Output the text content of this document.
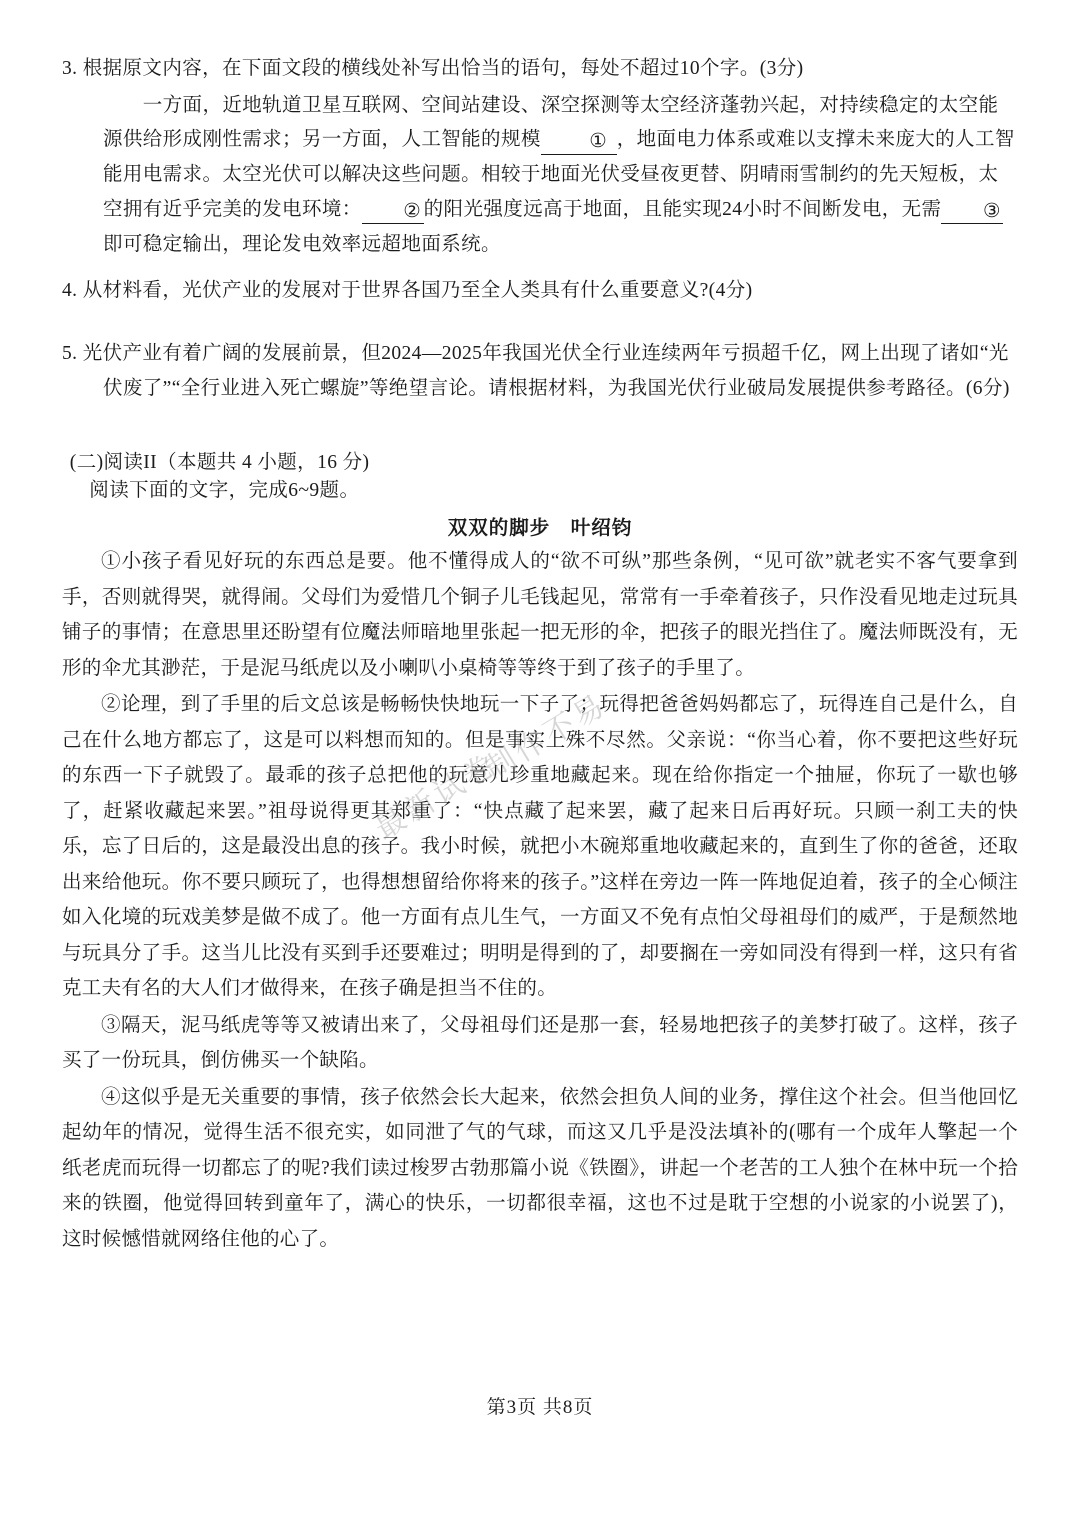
3. 根据原文内容，在下面文段的横线处补写出恰当的语句，每处不超过10个字。(3分)
　　一方面，近地轨道卫星互联网、空间站建设、深空探测等太空经济蓬勃兴起，对持续稳定的太空能源供给形成刚性需求；另一方面，人工智能的规模 ① ，地面电力体系或难以支撑未来庞大的人工智能用电需求。太空光伏可以解决这些问题。相较于地面光伏受昼夜更替、阴晴雨雪制约的先天短板，太空拥有近乎完美的发电环境： ② 的阳光强度远高于地面，且能实现24小时不间断发电，无需 ③即可稳定输出，理论发电效率远超地面系统。
4. 从材料看，光伏产业的发展对于世界各国乃至全人类具有什么重要意义?(4分)
5. 光伏产业有着广阔的发展前景，但2024—2025年我国光伏全行业连续两年亏损超千亿，网上出现了诸如“光伏废了”“全行业进入死亡螺旋”等绝望言论。请根据材料，为我国光伏行业破局发展提供参考路径。(6分)
(二)阅读II（本题共 4 小题，16 分)
阅读下面的文字，完成6~9题。
双双的脚步　叶绍钧

①小孩子看见好玩的东西总是要。他不懂得成人的“欲不可纵”那些条例，“见可欲”就老实不客气要拿到手，否则就得哭，就得闹。父母们为爱惜几个铜子儿毛钱起见，常常有一手牵着孩子，只作没看见地走过玩具铺子的事情；在意思里还盼望有位魔法师暗地里张起一把无形的伞，把孩子的眼光挡住了。魔法师既没有，无形的伞尤其渺茫，于是泥马纸虎以及小喇叭小桌椅等等终于到了孩子的手里了。

②论理，到了手里的后文总该是畅畅快快地玩一下子了；玩得把爸爸妈妈都忘了，玩得连自己是什么，自己在什么地方都忘了，这是可以料想而知的。但是事实上殊不尽然。父亲说：“你当心着，你不要把这些好玩的东西一下子就毁了。最乖的孩子总把他的玩意儿珍重地藏起来。现在给你指定一个抽屉，你玩了一歇也够了，赶紧收藏起来罢。”祖母说得更其郑重了：“快点藏了起来罢，藏了起来日后再好玩。只顾一刹工夫的快乐，忘了日后的，这是最没出息的孩子。我小时候，就把小木碗郑重地收藏起来的，直到生了你的爸爸，还取出来给他玩。你不要只顾玩了，也得想想留给你将来的孩子。”这样在旁边一阵一阵地促迫着，孩子的全心倾注如入化境的玩戏美梦是做不成了。他一方面有点儿生气，一方面又不免有点怕父母祖母们的威严，于是颓然地与玩具分了手。这当儿比没有买到手还要难过；明明是得到的了，却要搁在一旁如同没有得到一样，这只有省克工夫有名的大人们才做得来，在孩子确是担当不住的。

③隔天，泥马纸虎等等又被请出来了，父母祖母们还是那一套，轻易地把孩子的美梦打破了。这样，孩子买了一份玩具，倒仿佛买一个缺陷。

④这似乎是无关重要的事情，孩子依然会长大起来，依然会担负人间的业务，撑住这个社会。但当他回忆起幼年的情况，觉得生活不很充实，如同泄了气的气球，而这又几乎是没法填补的(哪有一个成年人擎起一个纸老虎而玩得一切都忘了的呢?我们读过梭罗古勃那篇小说《铁圈》，讲起一个老苦的工人独个在林中玩一个拾来的铁圈，他觉得回转到童年了，满心的快乐，一切都很幸福，这也不过是耽于空想的小说家的小说罢了)，这时候憾惜就网络住他的心了。

最新试卷
制作不易
第3页 共8页
